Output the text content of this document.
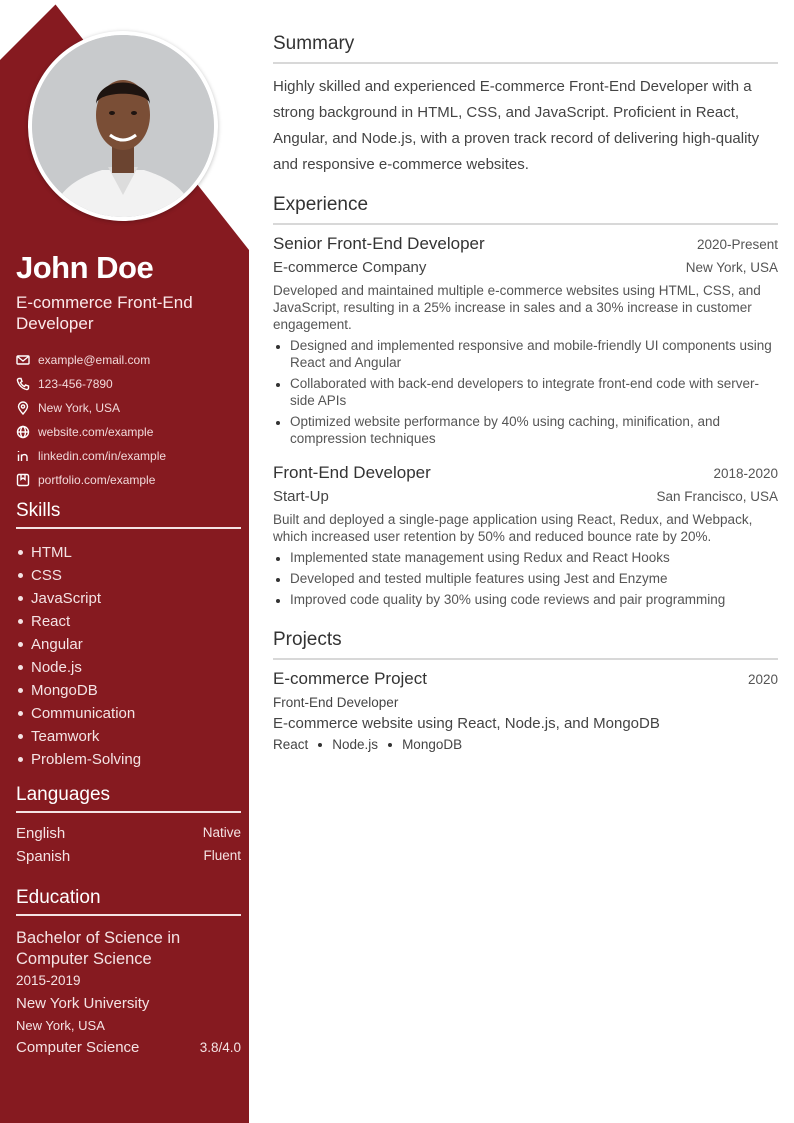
John Doe
E-commerce Front-End Developer
example@email.com
123-456-7890
New York, USA
website.com/example
linkedin.com/in/example
portfolio.com/example
Skills
HTML
CSS
JavaScript
React
Angular
Node.js
MongoDB
Communication
Teamwork
Problem-Solving
Languages
English	Native
Spanish	Fluent
Education
Bachelor of Science in Computer Science
2015-2019
New York University
New York, USA
Computer Science	3.8/4.0
Summary
Highly skilled and experienced E-commerce Front-End Developer with a strong background in HTML, CSS, and JavaScript. Proficient in React, Angular, and Node.js, with a proven track record of delivering high-quality and responsive e-commerce websites.
Experience
Senior Front-End Developer	2020-Present
E-commerce Company	New York, USA
Developed and maintained multiple e-commerce websites using HTML, CSS, and JavaScript, resulting in a 25% increase in sales and a 30% increase in customer engagement.
Designed and implemented responsive and mobile-friendly UI components using React and Angular
Collaborated with back-end developers to integrate front-end code with server-side APIs
Optimized website performance by 40% using caching, minification, and compression techniques
Front-End Developer	2018-2020
Start-Up	San Francisco, USA
Built and deployed a single-page application using React, Redux, and Webpack, which increased user retention by 50% and reduced bounce rate by 20%.
Implemented state management using Redux and React Hooks
Developed and tested multiple features using Jest and Enzyme
Improved code quality by 30% using code reviews and pair programming
Projects
E-commerce Project	2020
Front-End Developer
E-commerce website using React, Node.js, and MongoDB
React Node.js MongoDB
